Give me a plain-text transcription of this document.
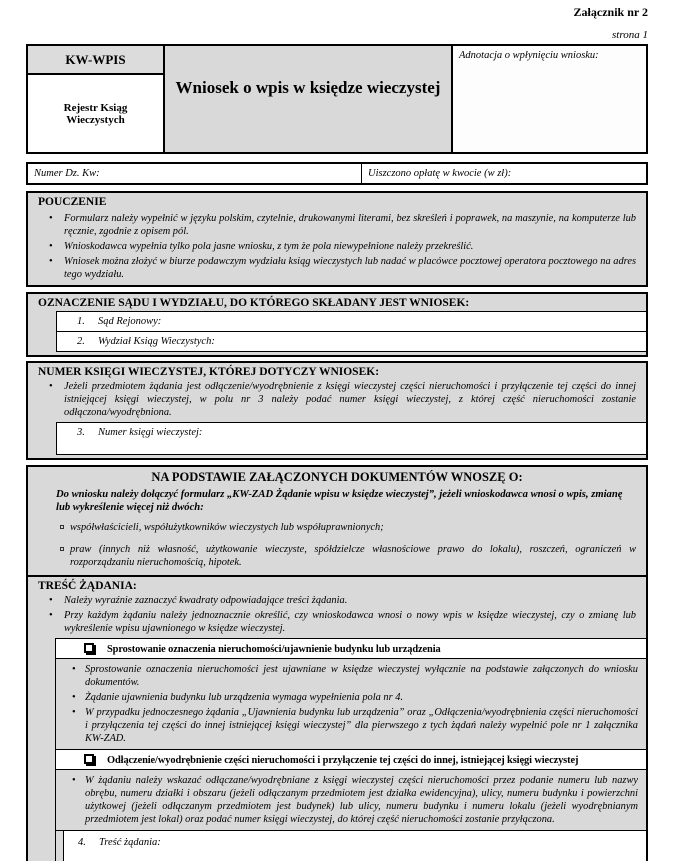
Załącznik nr 2
strona 1
KW-WPIS
Rejestr Ksiąg Wieczystych
Wniosek o wpis w księdze wieczystej
Adnotacja o wpłynięciu wniosku:
Numer Dz. Kw:	Uiszczono opłatę w kwocie (w zł):
POUCZENIE
•	Formularz należy wypełnić w języku polskim, czytelnie, drukowanymi literami, bez skreśleń i poprawek, na maszynie, na komputerze lub ręcznie, zgodnie z opisem pól.
•	Wnioskodawca wypełnia tylko pola jasne wniosku, z tym że pola niewypełnione należy przekreślić.
•	Wniosek można złożyć w biurze podawczym wydziału ksiąg wieczystych lub nadać w placówce pocztowej operatora pocztowego na adres tego wydziału.
OZNACZENIE SĄDU I WYDZIAŁU, DO KTÓREGO SKŁADANY JEST WNIOSEK:
1.	Sąd Rejonowy:
2.	Wydział Ksiąg Wieczystych:
NUMER KSIĘGI WIECZYSTEJ, KTÓREJ DOTYCZY WNIOSEK:
•	Jeżeli przedmiotem żądania jest odłączenie/wyodrębnienie z księgi wieczystej części nieruchomości i przyłączenie tej części do innej istniejącej księgi wieczystej, w polu nr 3 należy podać numer księgi wieczystej, z której część nieruchomości zostanie odłączona/wyodrębniona.
3.	Numer księgi wieczystej:
NA PODSTAWIE ZAŁĄCZONYCH DOKUMENTÓW WNOSZĘ O:
Do wniosku należy dołączyć formularz „KW-ZAD Żądanie wpisu w księdze wieczystej”, jeżeli wnioskodawca wnosi o wpis, zmianę lub wykreślenie więcej niż dwóch:
współwłaścicieli, współużytkowników wieczystych lub współuprawnionych;
praw (innych niż własność, użytkowanie wieczyste, spółdzielcze własnościowe prawo do lokalu), roszczeń, ograniczeń w rozporządzaniu nieruchomością, hipotek.
TREŚĆ ŻĄDANIA:
•	Należy wyraźnie zaznaczyć kwadraty odpowiadające treści żądania.
•	Przy każdym żądaniu należy jednoznacznie określić, czy wnioskodawca wnosi o nowy wpis w księdze wieczystej, czy o zmianę lub wykreślenie wpisu ujawnionego w księdze wieczystej.
Sprostowanie oznaczenia nieruchomości/ujawnienie budynku lub urządzenia
• Sprostowanie oznaczenia nieruchomości jest ujawniane w księdze wieczystej wyłącznie na podstawie załączonych do wniosku dokumentów.
• Żądanie ujawnienia budynku lub urządzenia wymaga wypełnienia pola nr 4.
• W przypadku jednoczesnego żądania „Ujawnienia budynku lub urządzenia” oraz „Odłączenia/wyodrębnienia części nieruchomości i przyłączenia tej części do innej istniejącej księgi wieczystej” dla pierwszego z tych żądań należy wypełnić pole nr 1 załącznika KW-ZAD.
Odłączenie/wyodrębnienie części nieruchomości i przyłączenie tej części do innej, istniejącej księgi wieczystej
• W żądaniu należy wskazać odłączane/wyodrębniane z księgi wieczystej części nieruchomości przez podanie numeru lub nazwy obrębu, numeru działki i obszaru (jeżeli odłączanym przedmiotem jest działka ewidencyjna), ulicy, numeru budynku i powierzchni użytkowej (jeżeli odłączanym przedmiotem jest budynek) lub ulicy, numeru budynku i numeru lokalu (jeżeli wyodrębnianym przedmiotem jest lokal) oraz podać numer księgi wieczystej, do której część nieruchomości zostanie przyłączona.
4.	Treść żądania:
